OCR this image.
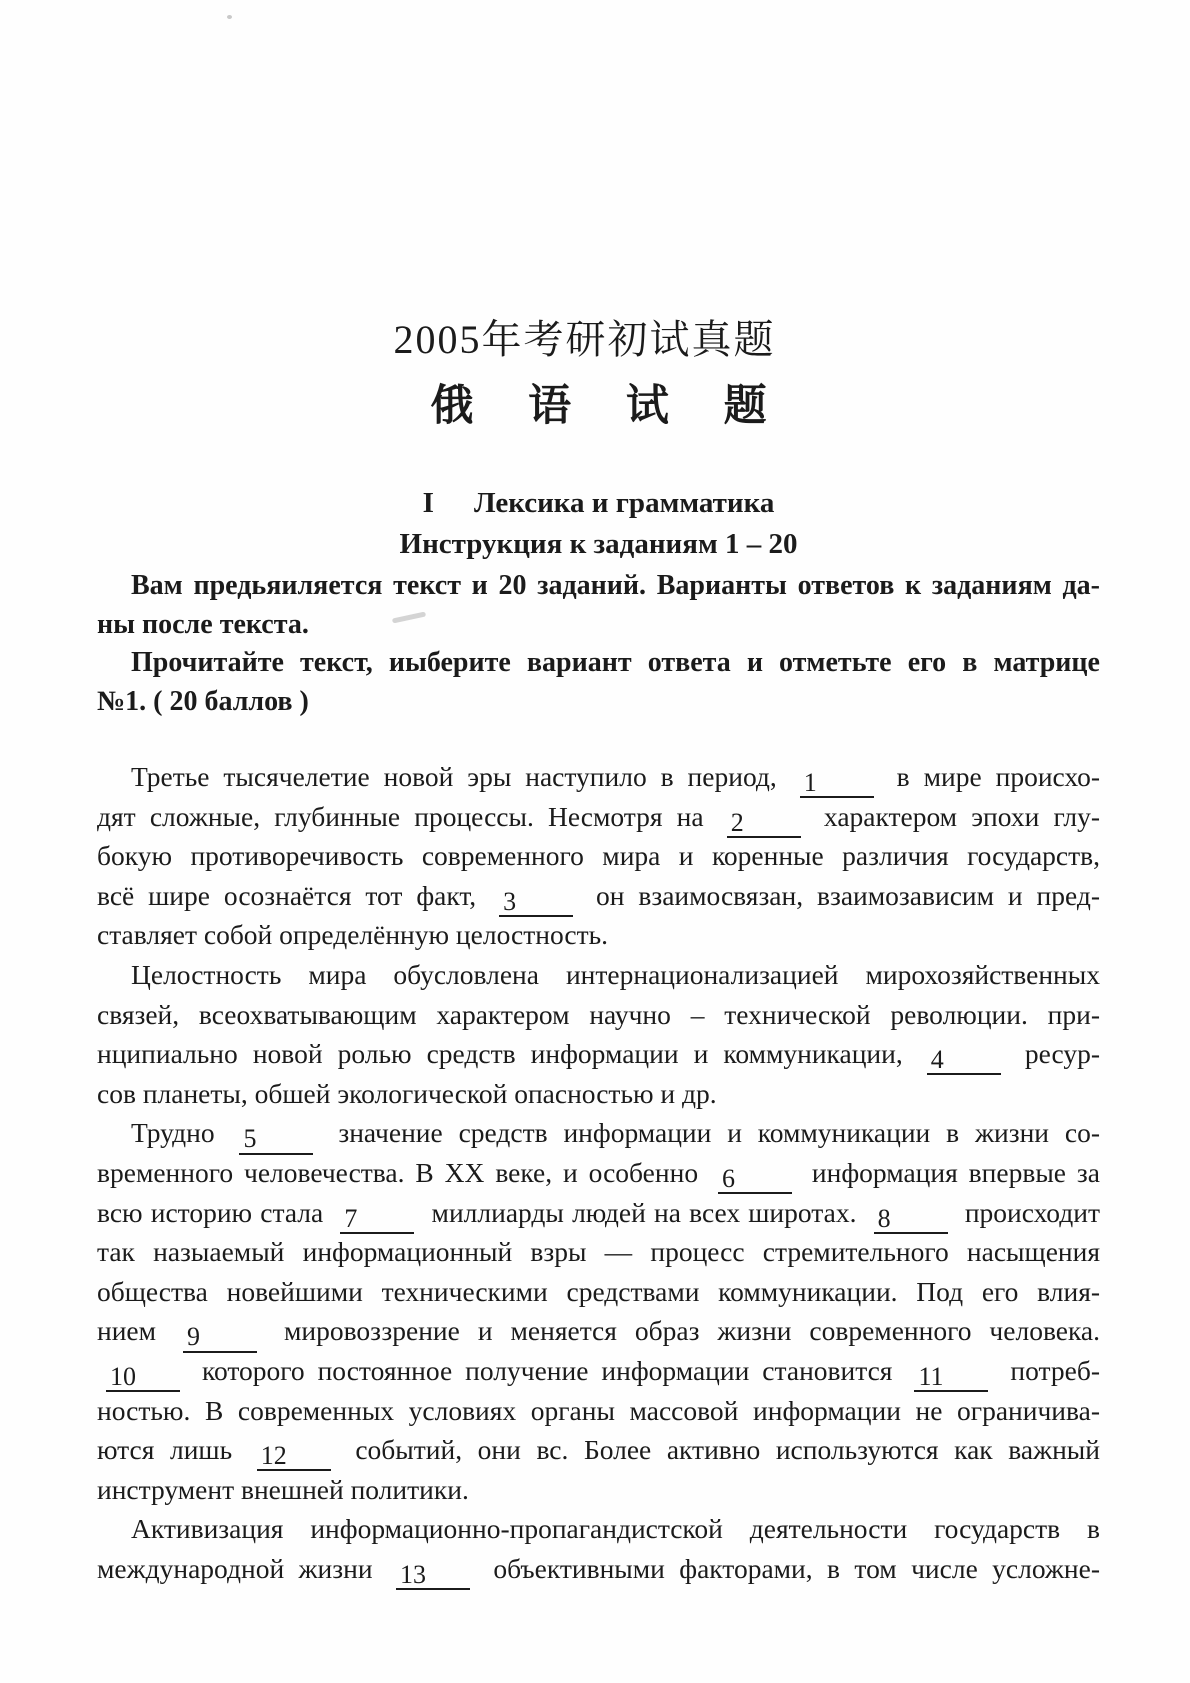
2005年考研初试真题
俄 语 试 题
I Лексика и грамматика
Инструкция к заданиям 1 – 20
Вам предьяиляется текст и 20 заданий. Варианты ответов к заданиям да-
ны после текста.
Прочитайте текст, иыберите вариант ответа и отметьте его в матрице
№1. ( 20 баллов )
Третье тысячелетие новой эры наступило в период, 1 в мире происхо-
дят сложные, глубинные процессы. Несмотря на 2 характером эпохи глу-
бокую противоречивость современного мира и коренные различия государств,
всё шире осознаётся тот факт, 3 он взаимосвязан, взаимозависим и пред-
ставляет собой определённую целостность.
Целостность мира обусловлена интернационализацией мирохозяйственных
связей, всеохватывающим характером научно – технической революции. при-
нципиально новой ролью средств информации и коммуникации, 4 ресур-
сов планеты, обшей экологической опасностью и др.
Трудно 5 значение средств информации и коммуникации в жизни со-
временного человечества. В XX веке, и особенно 6 информация впервые за
всю историю стала 7 миллиарды людей на всех широтах. 8 происходит
так назыаемый информационный взры — процесс стремительного насыщения
общества новейшими техническими средствами коммуникации. Под его влия-
нием 9 мировоззрение и меняется образ жизни современного человека.
10 которого постоянное получение информации становится 11 потреб-
ностью. В современных условиях органы массовой информации не ограничива-
ются лишь 12 событий, они вс. Более активно используются как важный
инструмент внешней политики.
Активизация информационно-пропагандистской деятельности государств в
международной жизни 13 объективными факторами, в том числе усложне-
